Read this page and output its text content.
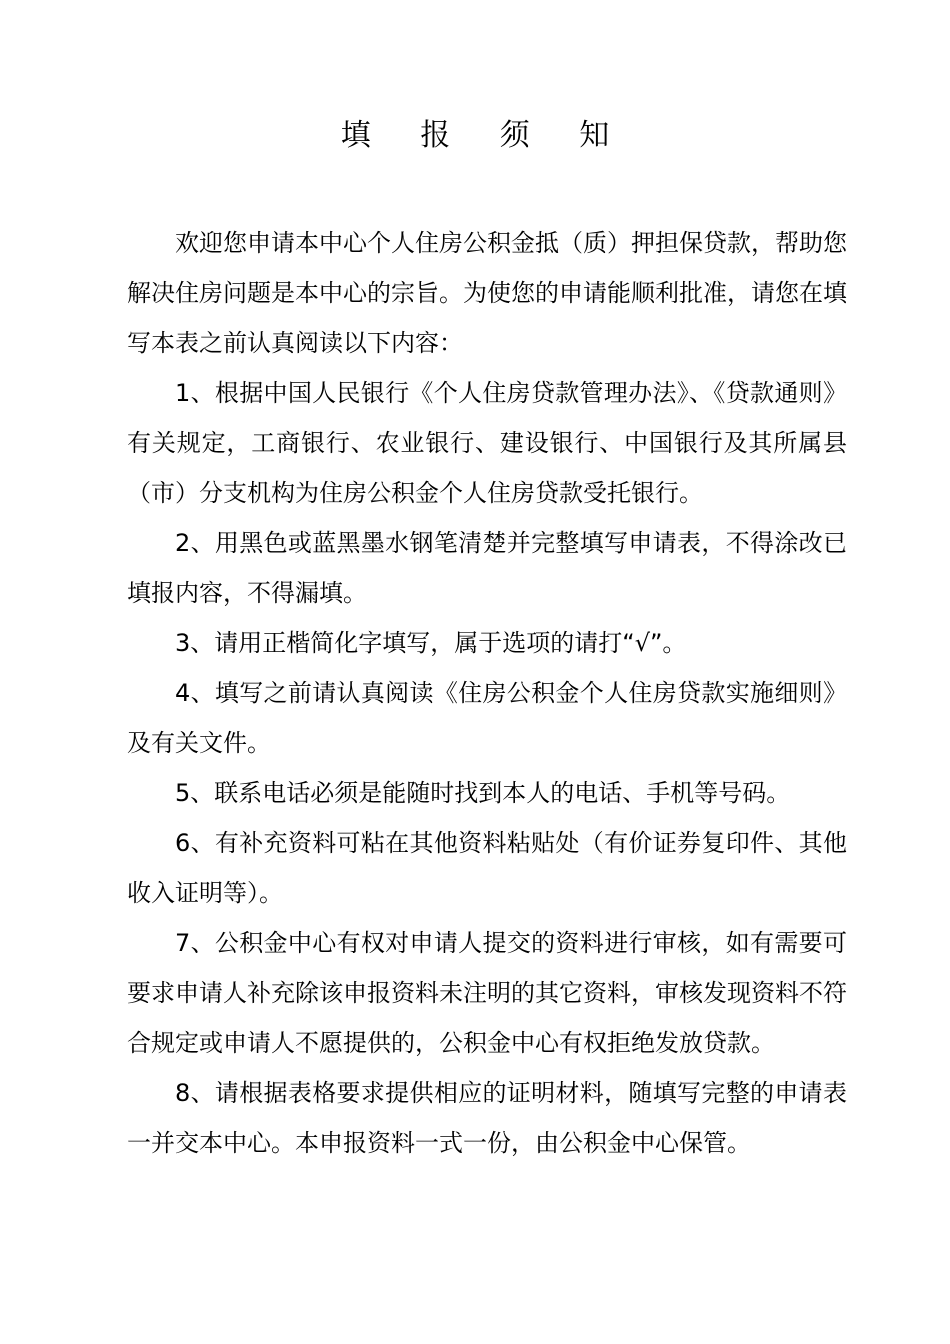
填 报 须 知

欢迎您申请本中心个人住房公积金抵（质）押担保贷款，帮助您解决住房问题是本中心的宗旨。为使您的申请能顺利批准，请您在填写本表之前认真阅读以下内容：

1、根据中国人民银行《个人住房贷款管理办法》、《贷款通则》有关规定，工商银行、农业银行、建设银行、中国银行及其所属县（市）分支机构为住房公积金个人住房贷款受托银行。

2、用黑色或蓝黑墨水钢笔清楚并完整填写申请表，不得涂改已填报内容，不得漏填。

3、请用正楷简化字填写，属于选项的请打“√”。

4、填写之前请认真阅读《住房公积金个人住房贷款实施细则》及有关文件。

5、联系电话必须是能随时找到本人的电话、手机等号码。

6、有补充资料可粘在其他资料粘贴处（有价证券复印件、其他收入证明等）。

7、公积金中心有权对申请人提交的资料进行审核，如有需要可要求申请人补充除该申报资料未注明的其它资料，审核发现资料不符合规定或申请人不愿提供的，公积金中心有权拒绝发放贷款。

8、请根据表格要求提供相应的证明材料，随填写完整的申请表一并交本中心。本申报资料一式一份，由公积金中心保管。
